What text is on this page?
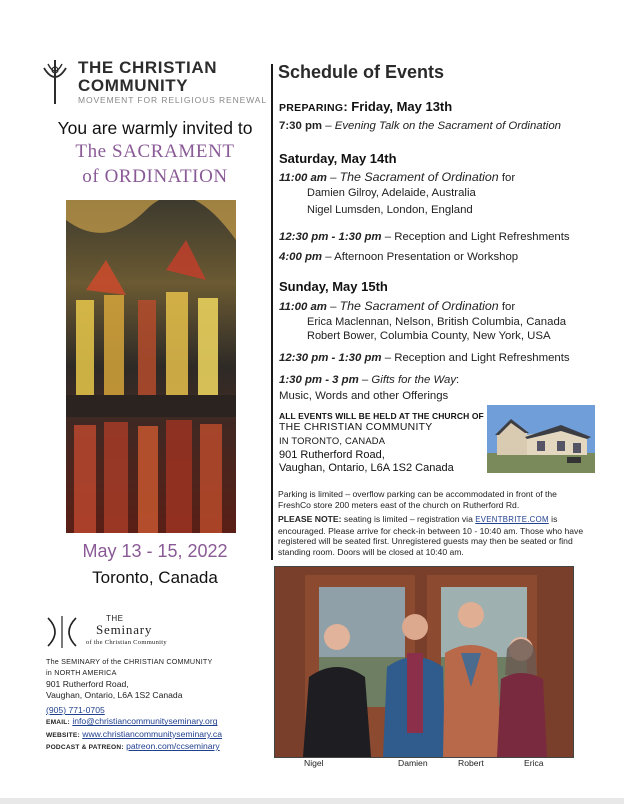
THE CHRISTIAN
COMMUNITY
MOVEMENT FOR RELIGIOUS RENEWAL
You are warmly invited to
The SACRAMENT
of ORDINATION
May 13 - 15, 2022
Toronto, Canada
THE
Seminary
of the Christian Community
The SEMINARY of the CHRISTIAN COMMUNITY
in NORTH AMERICA
901 Rutherford Road,
Vaughan, Ontario, L6A 1S2 Canada
(905) 771-0705
EMAIL: info@christiancommunityseminary.org
WEBSITE: www.christiancommunityseminary.ca
PODCAST & PATREON: patreon.com/ccseminary
Schedule of Events
PREPARING: Friday, May 13th
7:30 pm – Evening Talk on the Sacrament of Ordination
Saturday, May 14th
11:00 am – The Sacrament of Ordination for
Damien Gilroy, Adelaide, Australia
Nigel Lumsden, London, England
12:30 pm - 1:30 pm – Reception and Light Refreshments
4:00 pm – Afternoon Presentation or Workshop
Sunday, May 15th
11:00 am – The Sacrament of Ordination for
Erica Maclennan, Nelson, British Columbia, Canada
Robert Bower, Columbia County, New York, USA
12:30 pm - 1:30 pm – Reception and Light Refreshments
1:30 pm - 3 pm – Gifts for the Way:
Music, Words and other Offerings
ALL EVENTS WILL BE HELD AT THE CHURCH OF
THE CHRISTIAN COMMUNITY
IN TORONTO, CANADA
901 Rutherford Road,
Vaughan, Ontario, L6A 1S2 Canada
Parking is limited – overflow parking can be accommodated in front of the FreshCo store 200 meters east of the church on Rutherford Rd.
PLEASE NOTE: seating is limited – registration via EVENTBRITE.COM is encouraged. Please arrive for check-in between 10 - 10:40 am. Those who have registered will be seated first. Unregistered guests may then be seated or find standing room. Doors will be closed at 10:40 am.
Nigel	Damien	Robert	Erica
